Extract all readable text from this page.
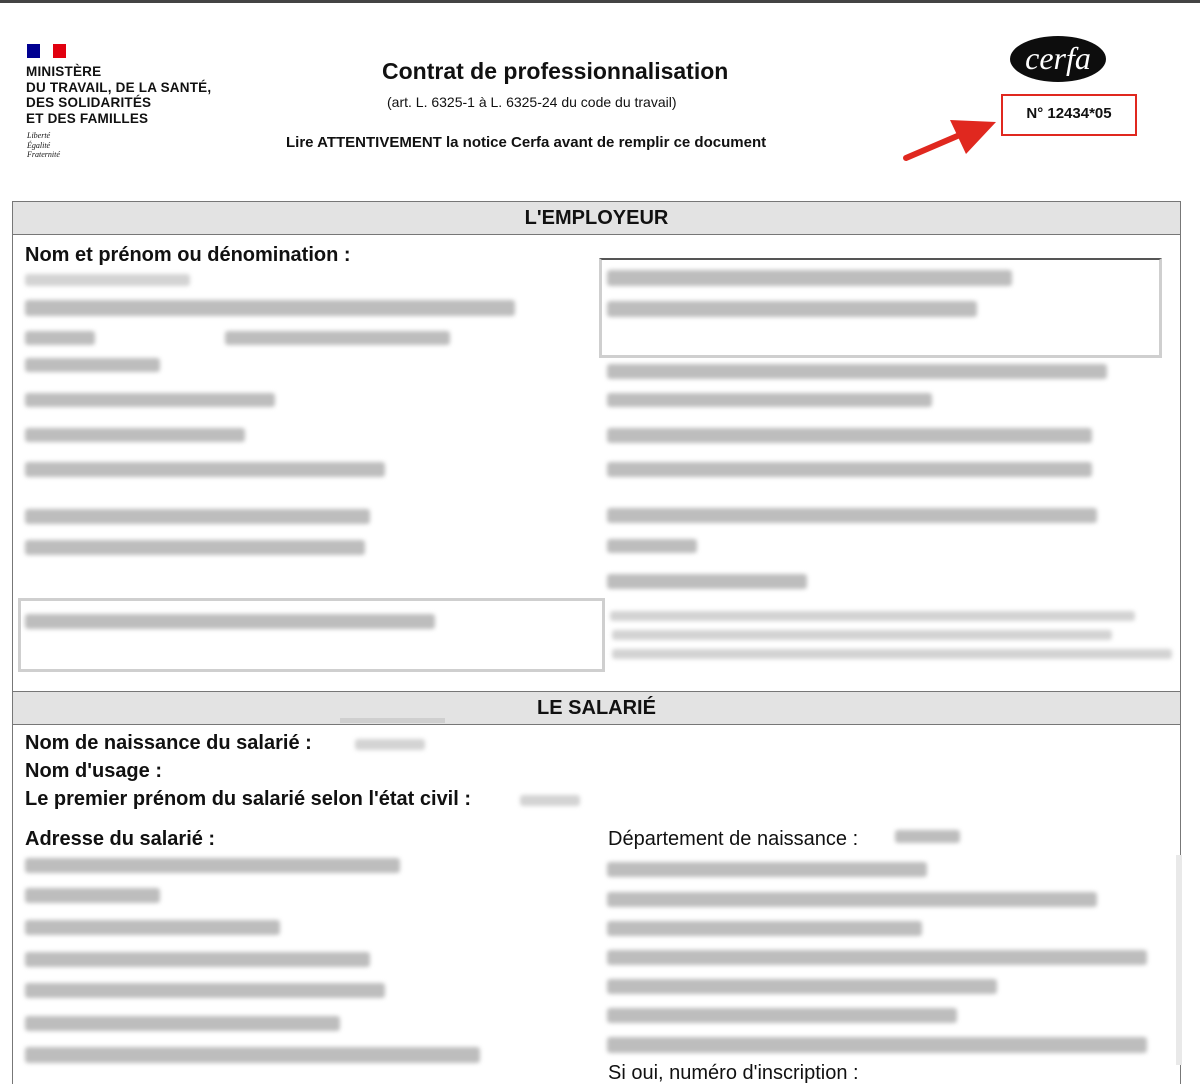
MINISTÈRE
DU TRAVAIL, DE LA SANTÉ,
DES SOLIDARITÉS
ET DES FAMILLES
Liberté
Égalité
Fraternité
Contrat de professionnalisation
(art. L. 6325-1 à L. 6325-24 du code du travail)
Lire ATTENTIVEMENT la notice Cerfa avant de remplir ce document
cerfa
N° 12434*05
L'EMPLOYEUR
Nom et prénom ou dénomination :
LE SALARIÉ
Nom de naissance du salarié :
Nom d'usage :
Le premier prénom du salarié selon l'état civil :
Adresse du salarié :	Département de naissance :
Si oui, numéro d'inscription :
